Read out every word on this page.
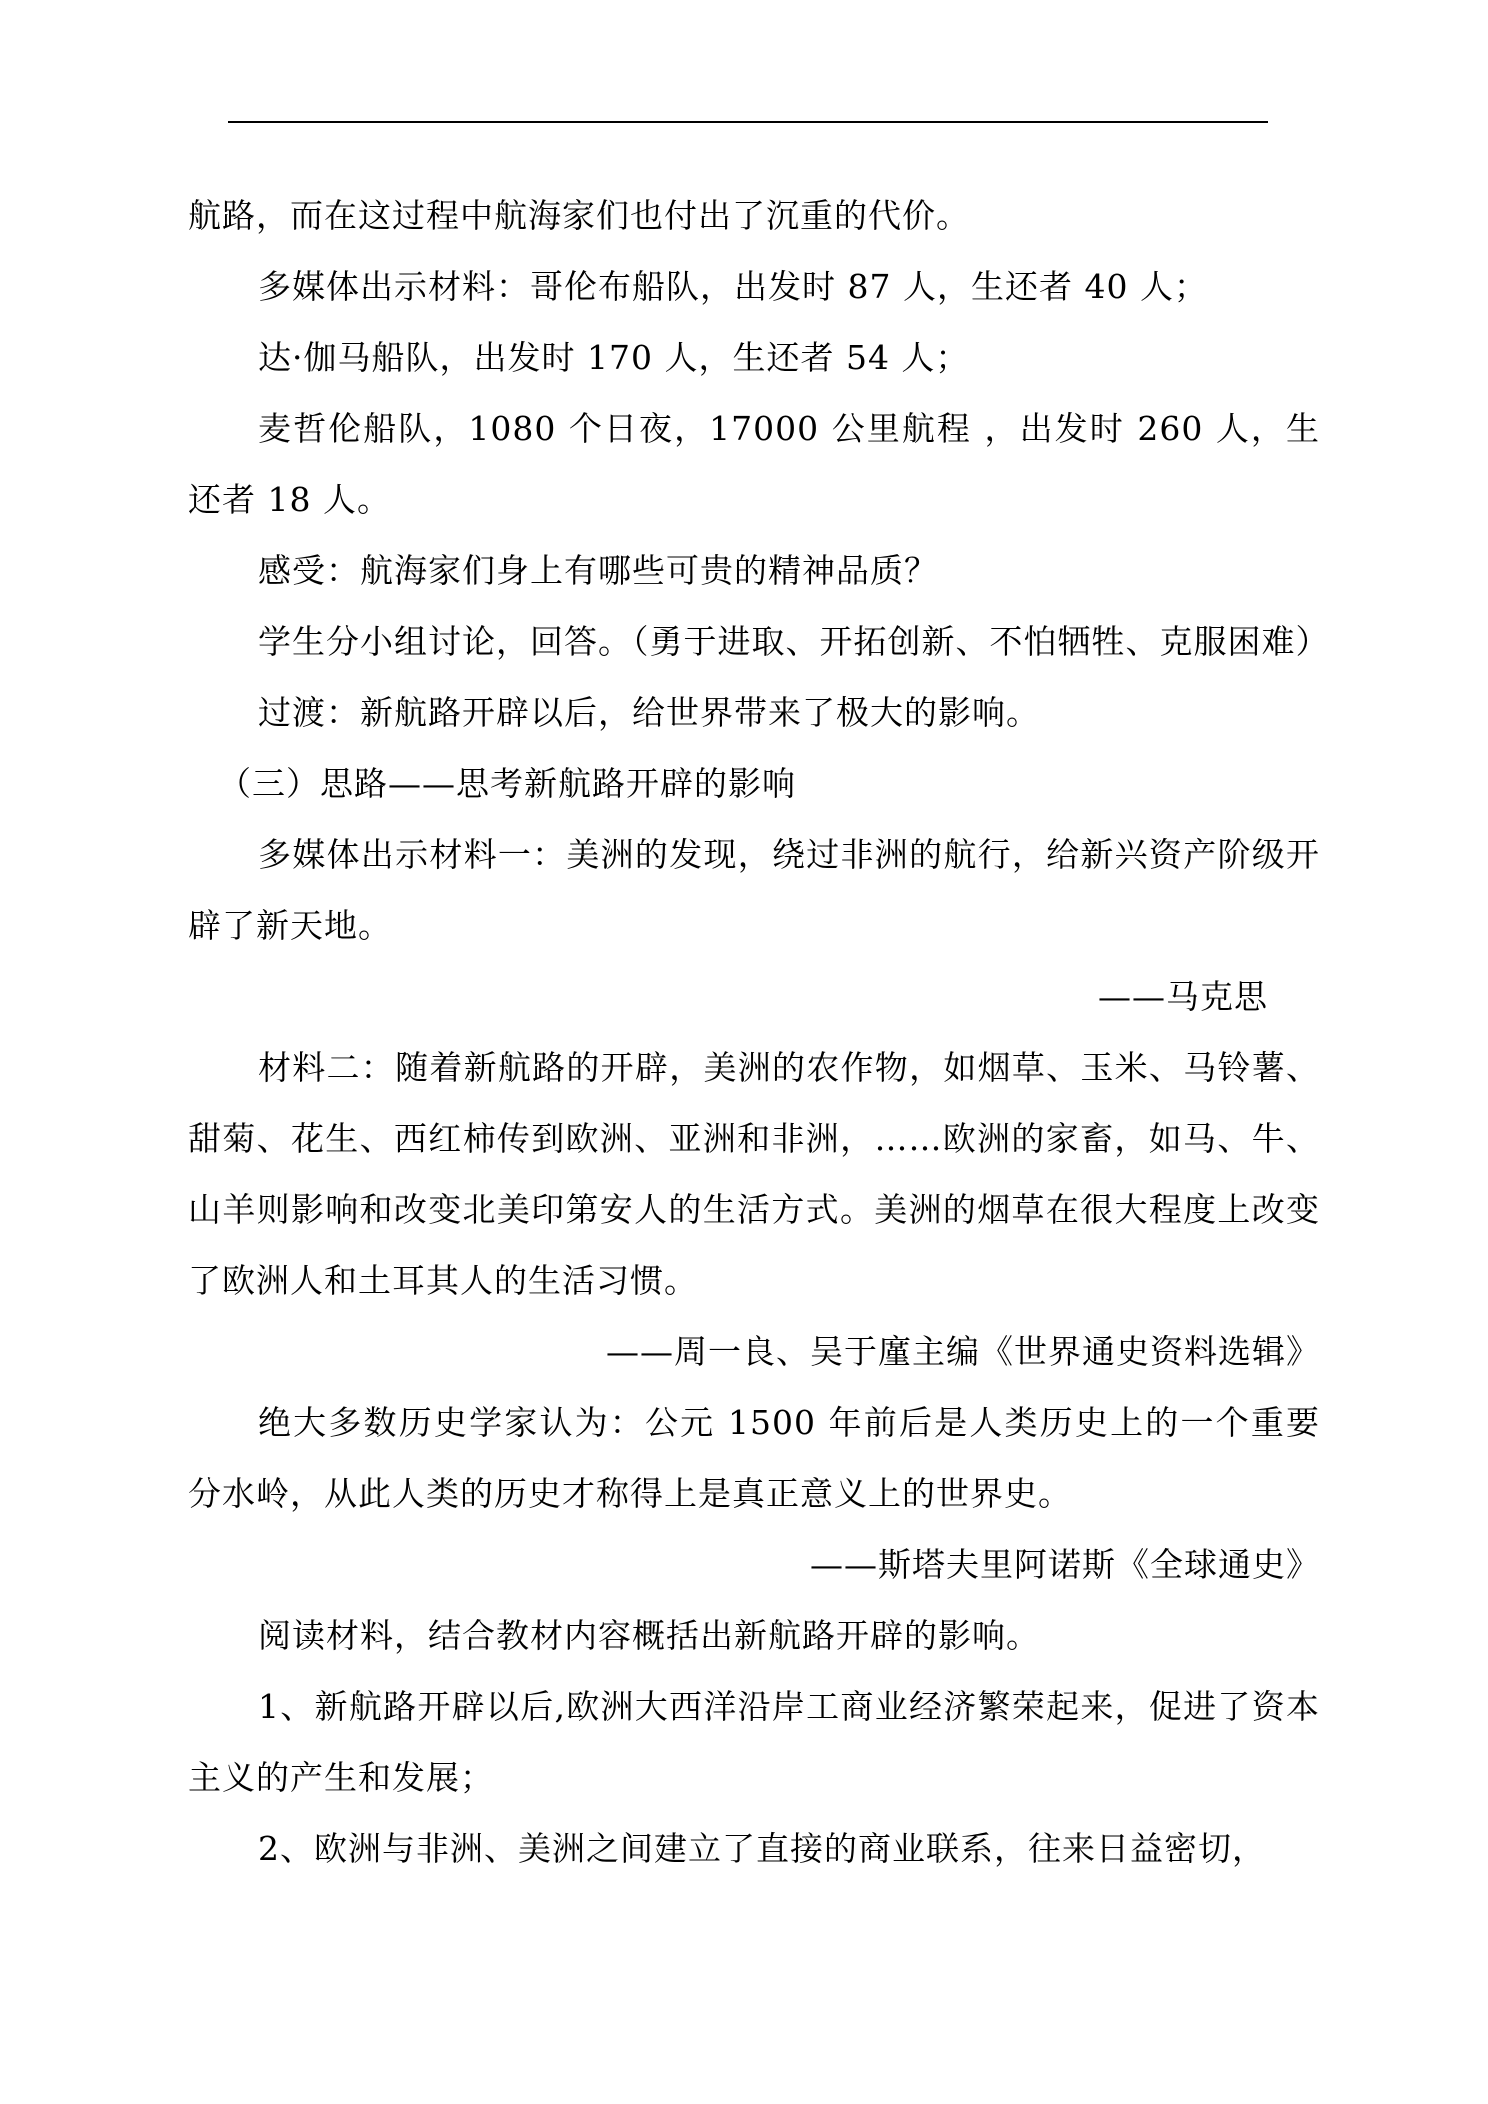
航路，而在这过程中航海家们也付出了沉重的代价。

多媒体出示材料：哥伦布船队，出发时 87 人，生还者 40 人；

达·伽马船队，出发时 170 人，生还者 54 人；

麦哲伦船队，1080 个日夜，17000 公里航程 ，出发时 260 人，生还者 18 人。

感受：航海家们身上有哪些可贵的精神品质？

学生分小组讨论，回答。（勇于进取、开拓创新、不怕牺牲、克服困难）

过渡：新航路开辟以后，给世界带来了极大的影响。

（三）思路——思考新航路开辟的影响

多媒体出示材料一：美洲的发现，绕过非洲的航行，给新兴资产阶级开辟了新天地。

——马克思

材料二：随着新航路的开辟，美洲的农作物，如烟草、玉米、马铃薯、甜菊、花生、西红柿传到欧洲、亚洲和非洲，……欧洲的家畜，如马、牛、山羊则影响和改变北美印第安人的生活方式。美洲的烟草在很大程度上改变了欧洲人和土耳其人的生活习惯。

——周一良、吴于廑主编《世界通史资料选辑》

绝大多数历史学家认为：公元 1500 年前后是人类历史上的一个重要分水岭，从此人类的历史才称得上是真正意义上的世界史。

——斯塔夫里阿诺斯《全球通史》

阅读材料，结合教材内容概括出新航路开辟的影响。

1、新航路开辟以后,欧洲大西洋沿岸工商业经济繁荣起来，促进了资本主义的产生和发展；

2、欧洲与非洲、美洲之间建立了直接的商业联系，往来日益密切，
